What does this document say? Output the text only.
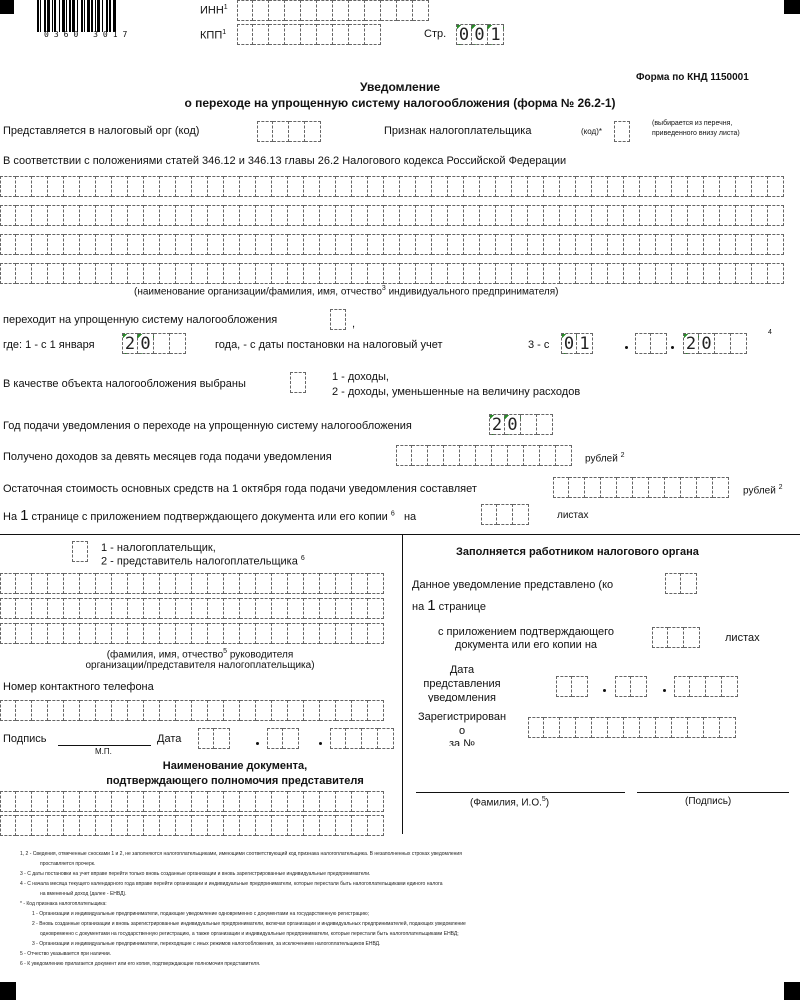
0360 3017
ИНН$^1$
КПП$^1$	Стр. 0 0 1
Форма по КНД 1150001
Уведомление
о переходе на упрощенную систему налогообложения (форма № 26.2-1)
Представляется в налоговый орг (код)	Признак налогоплательщика	(код)*
(выбирается из перечня,
приведенного внизу листа)
В соответствии с положениями статей 346.12 и 346.13 главы 26.2 Налогового кодекса Российской Федерации
(наименование организации/фамилия, имя, отчество$^3$ индивидуального предпринимателя)
переходит на упрощенную систему налогообложения	,
где: 1 - с 1 января 2 0	года, - с даты постановки на налоговый учет	3 - с 0 1	2 0
4
В качестве объекта налогообложения выбраны
1 - доходы,
2 - доходы, уменьшенные на величину расходов
Год подачи уведомления о переходе на упрощенную систему налогообложения	2 0
Получено доходов за девять месяцев года подачи уведомления	рублей $^2$
Остаточная стоимость основных средств на 1 октября года подачи уведомления составляет	рублей $^2$
На 1 странице с приложением подтверждающего документа или его копии $^6$ на	листах
1 - налогоплательщик,
2 - представитель налогоплательщика $^6$
(фамилия, имя, отчество$^5$ руководителя
организации/представителя налогоплательщика)
Номер контактного телефона
Подпись
М.П.
Дата
Наименование документа,
подтверждающего полномочия представителя
Заполняется работником налогового органа
Данное уведомление представлено (ко
на 1 странице
с приложением подтверждающего
документа или его копии на
листах
Дата
представления
уведомления
Зарегистрирован
о
за №
(Фамилия, И.О.$^5$)	(Подпись)
1, 2 - Сведения, отмеченные сносками 1 и 2, не заполняются налогоплательщиками, имеющими соответствующий код признака налогоплательщика. В незаполненных строках уведомления
проставляется прочерк.
3 - С даты постановки на учет вправе перейти только вновь созданные организации и вновь зарегистрированные индивидуальные предприниматели.
4 - С начала месяца текущего календарного года вправе перейти организации и индивидуальные предприниматели, которые перестали быть налогоплательщиками единого налога
на вмененный доход (далее - ЕНВД).
* - Код признака налогоплательщика:
1 - Организации и индивидуальные предприниматели, подающие уведомление одновременно с документами на государственную регистрацию;
2 - Вновь созданные организации и вновь зарегистрированные индивидуальные предприниматели, включая организации и индивидуальных предпринимателей, подающих уведомление
одновременно с документами на государственную регистрацию, а также организации и индивидуальные предприниматели, которые перестали быть налогоплательщиками ЕНВД;
3 - Организации и индивидуальные предприниматели, переходящие с иных режимов налогообложения, за исключением налогоплательщиков ЕНВД.
5 - Отчество указывается при наличии.
6 - К уведомлению прилагается документ или его копия, подтверждающие полномочия представителя.
